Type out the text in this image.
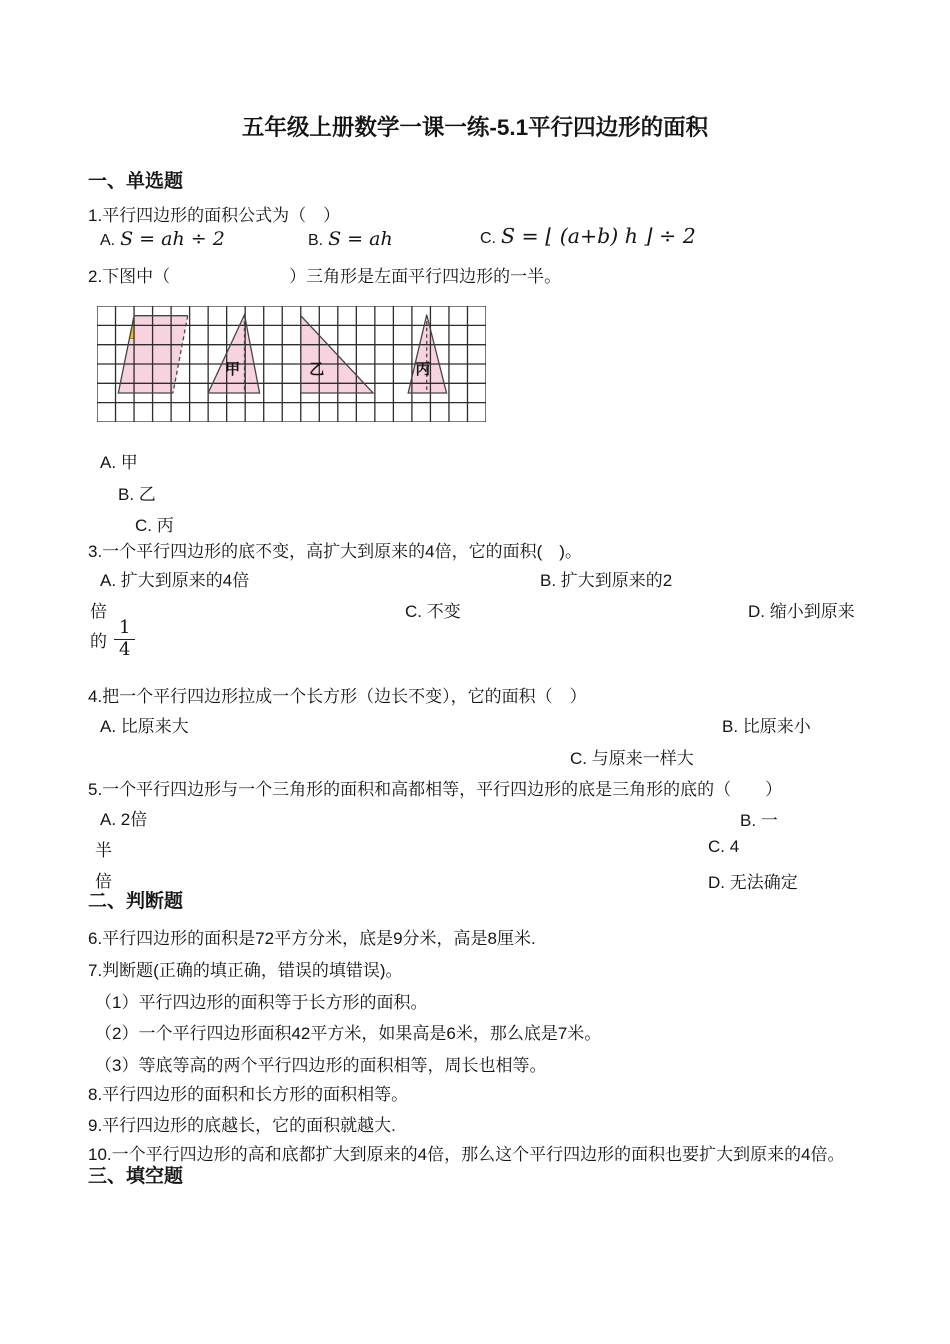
五年级上册数学一课一练-5.1平行四边形的面积
一、单选题
1.平行四边形的面积公式为（　）
A. S = ah ÷ 2	B. S = ah	C. S = ⌊ (a+b) h ⌋ ÷ 2
2.下图中（　　　　　　　）三角形是左面平行四边形的一半。
甲	乙	丙
A. 甲
B. 乙
C. 丙
3.一个平行四边形的底不变，高扩大到原来的4倍，它的面积(　)。
A. 扩大到原来的4倍	B. 扩大到原来的2
倍	C. 不变	D. 缩小到原来
的 $\frac{1}{4}$
4.把一个平行四边形拉成一个长方形（边长不变），它的面积（　）
A. 比原来大	B. 比原来小
C. 与原来一样大
5.一个平行四边形与一个三角形的面积和高都相等，平行四边形的底是三角形的底的（　　）
A. 2倍	B. 一
半	C. 4
倍	D. 无法确定
二、判断题
6.平行四边形的面积是72平方分米，底是9分米，高是8厘米.
7.判断题(正确的填正确，错误的填错误)。
（1）平行四边形的面积等于长方形的面积。
（2）一个平行四边形面积42平方米，如果高是6米，那么底是7米。
（3）等底等高的两个平行四边形的面积相等，周长也相等。
8.平行四边形的面积和长方形的面积相等。
9.平行四边形的底越长，它的面积就越大.
10.一个平行四边形的高和底都扩大到原来的4倍，那么这个平行四边形的面积也要扩大到原来的4倍。
三、填空题
